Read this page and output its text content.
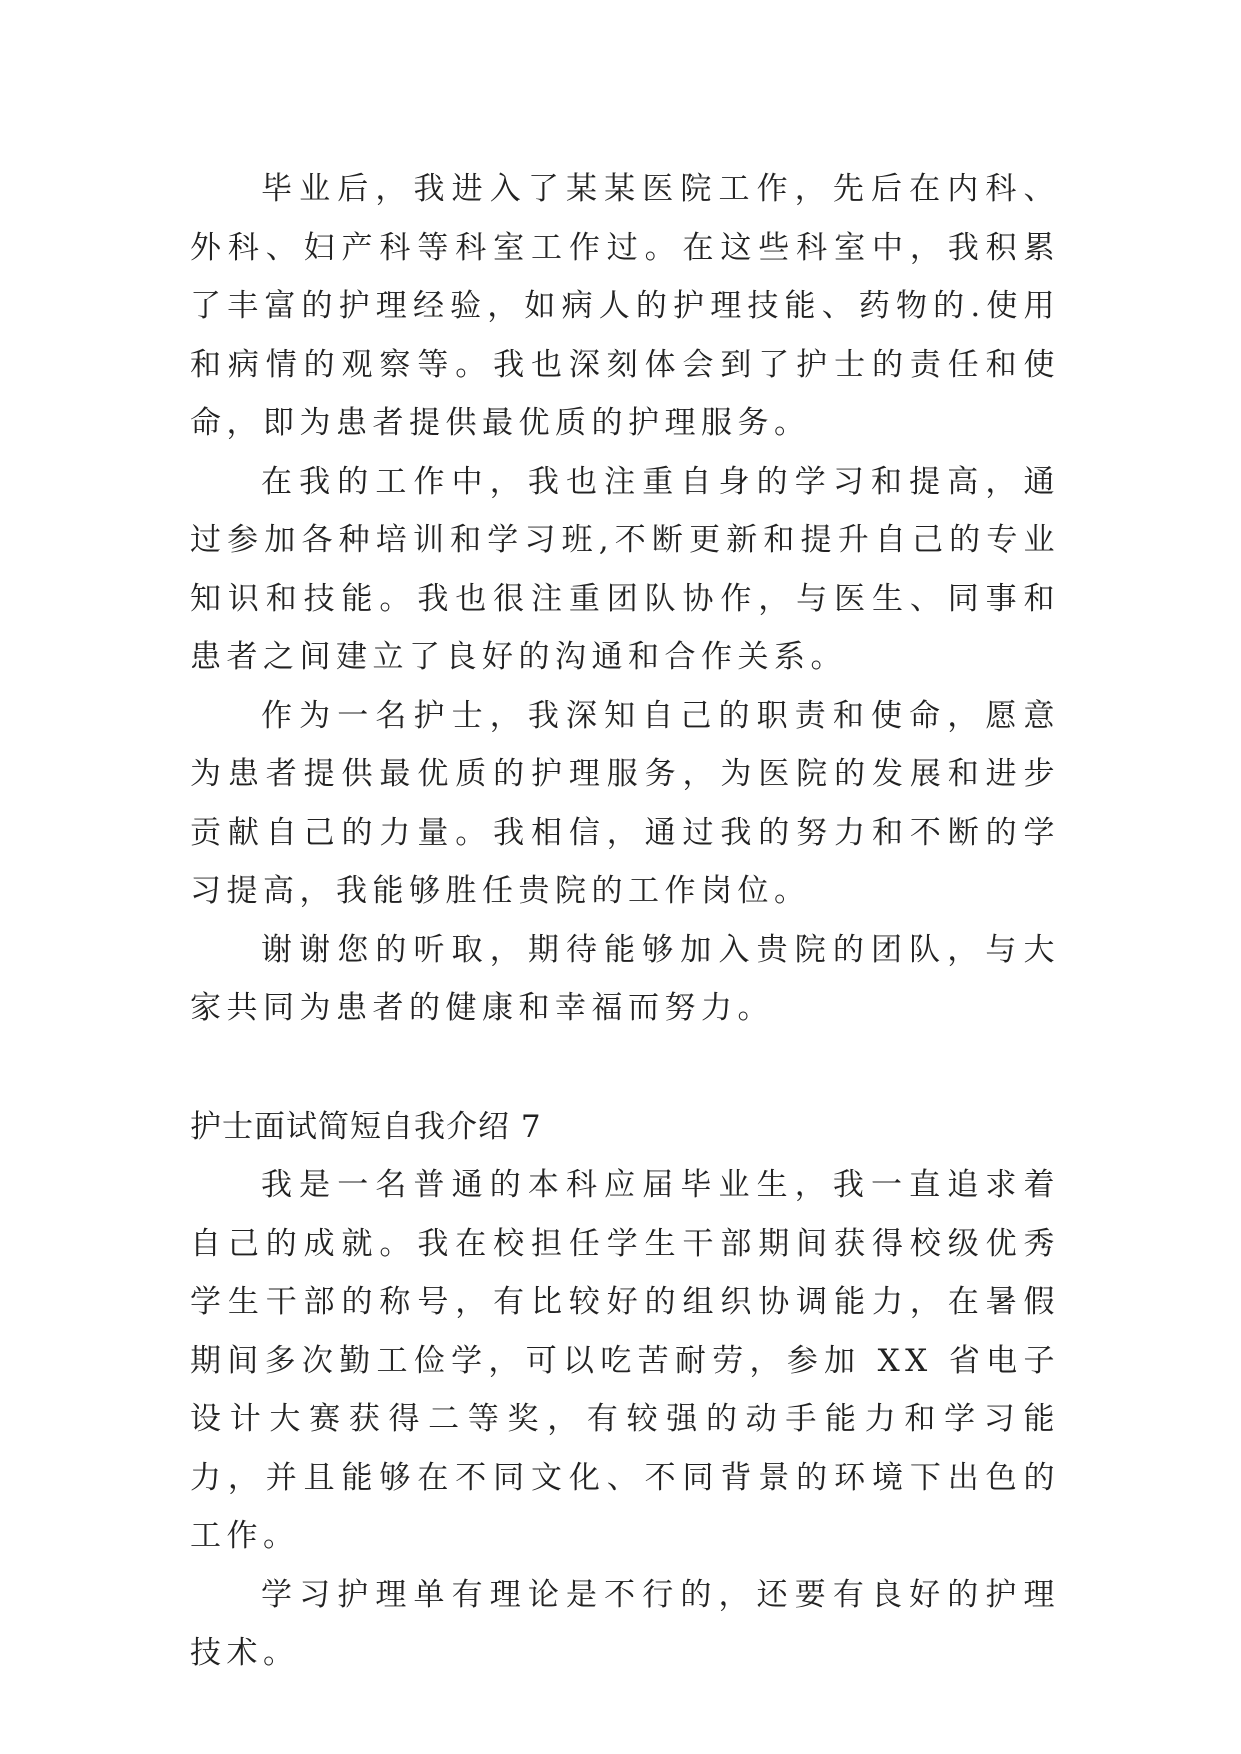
毕业后，我进入了某某医院工作，先后在内科、外科、妇产科等科室工作过。在这些科室中，我积累了丰富的护理经验，如病人的护理技能、药物的.使用和病情的观察等。我也深刻体会到了护士的责任和使命，即为患者提供最优质的护理服务。

在我的工作中，我也注重自身的学习和提高，通过参加各种培训和学习班,不断更新和提升自己的专业知识和技能。我也很注重团队协作，与医生、同事和患者之间建立了良好的沟通和合作关系。

作为一名护士，我深知自己的职责和使命，愿意为患者提供最优质的护理服务，为医院的发展和进步贡献自己的力量。我相信，通过我的努力和不断的学习提高，我能够胜任贵院的工作岗位。

谢谢您的听取，期待能够加入贵院的团队，与大家共同为患者的健康和幸福而努力。

护士面试简短自我介绍 7

我是一名普通的本科应届毕业生，我一直追求着自己的成就。我在校担任学生干部期间获得校级优秀学生干部的称号，有比较好的组织协调能力，在暑假期间多次勤工俭学，可以吃苦耐劳，参加 XX 省电子设计大赛获得二等奖，有较强的动手能力和学习能力，并且能够在不同文化、不同背景的环境下出色的工作。

学习护理单有理论是不行的，还要有良好的护理技术。
